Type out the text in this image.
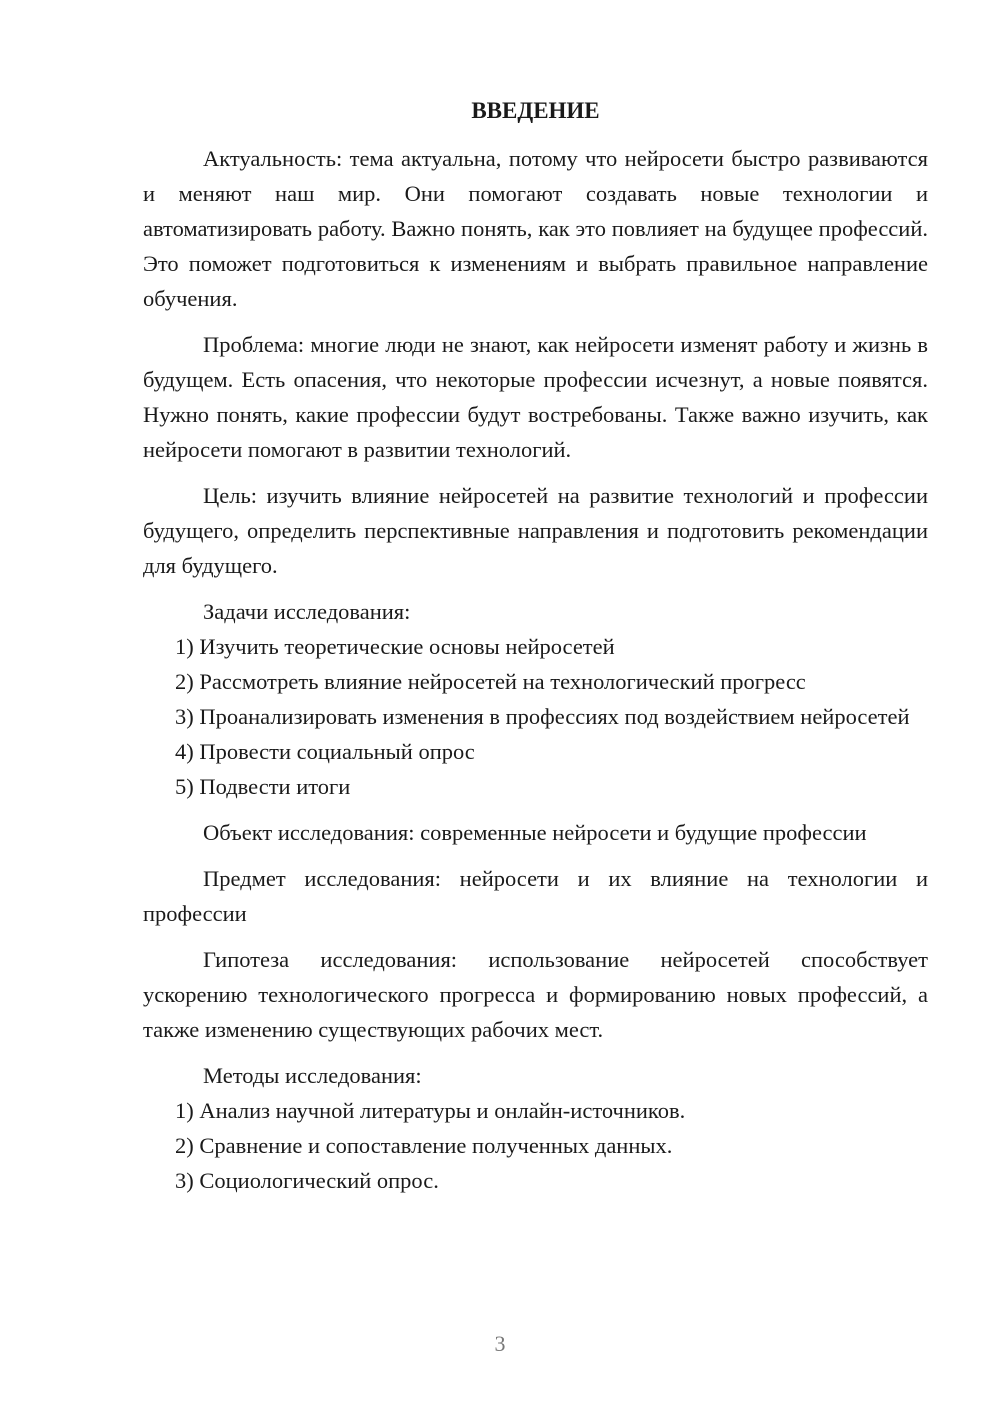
ВВЕДЕНИЕ

Актуальность: тема актуальна, потому что нейросети быстро развиваются и меняют наш мир. Они помогают создавать новые технологии и автоматизировать работу. Важно понять, как это повлияет на будущее профессий. Это поможет подготовиться к изменениям и выбрать правильное направление обучения.

Проблема: многие люди не знают, как нейросети изменят работу и жизнь в будущем. Есть опасения, что некоторые профессии исчезнут, а новые появятся. Нужно понять, какие профессии будут востребованы. Также важно изучить, как нейросети помогают в развитии технологий.

Цель: изучить влияние нейросетей на развитие технологий и профессии будущего, определить перспективные направления и подготовить рекомендации для будущего.

Задачи исследования:

1) Изучить теоретические основы нейросетей

2) Рассмотреть влияние нейросетей на технологический прогресс

3) Проанализировать изменения в профессиях под воздействием нейросетей

4) Провести социальный опрос

5) Подвести итоги

Объект исследования: современные нейросети и будущие профессии

Предмет исследования: нейросети и их влияние на технологии и профессии

Гипотеза исследования: использование нейросетей способствует ускорению технологического прогресса и формированию новых профессий, а также изменению существующих рабочих мест.

Методы исследования:

1) Анализ научной литературы и онлайн-источников.

2) Сравнение и сопоставление полученных данных.

3) Социологический опрос.

3
